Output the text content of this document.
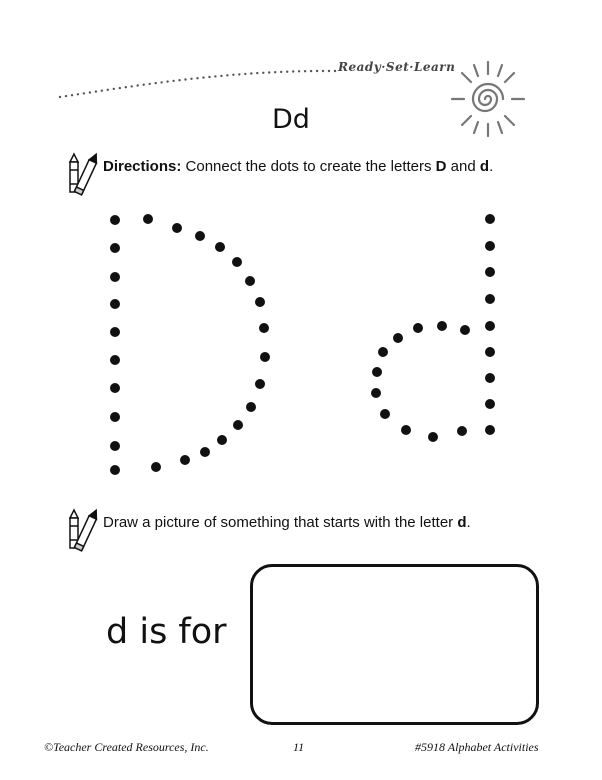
Ready·Set·Learn
Dd
Directions: Connect the dots to create the letters D and d.
Draw a picture of something that starts with the letter d.
d is for
©Teacher Created Resources, Inc.	11	#5918 Alphabet Activities
